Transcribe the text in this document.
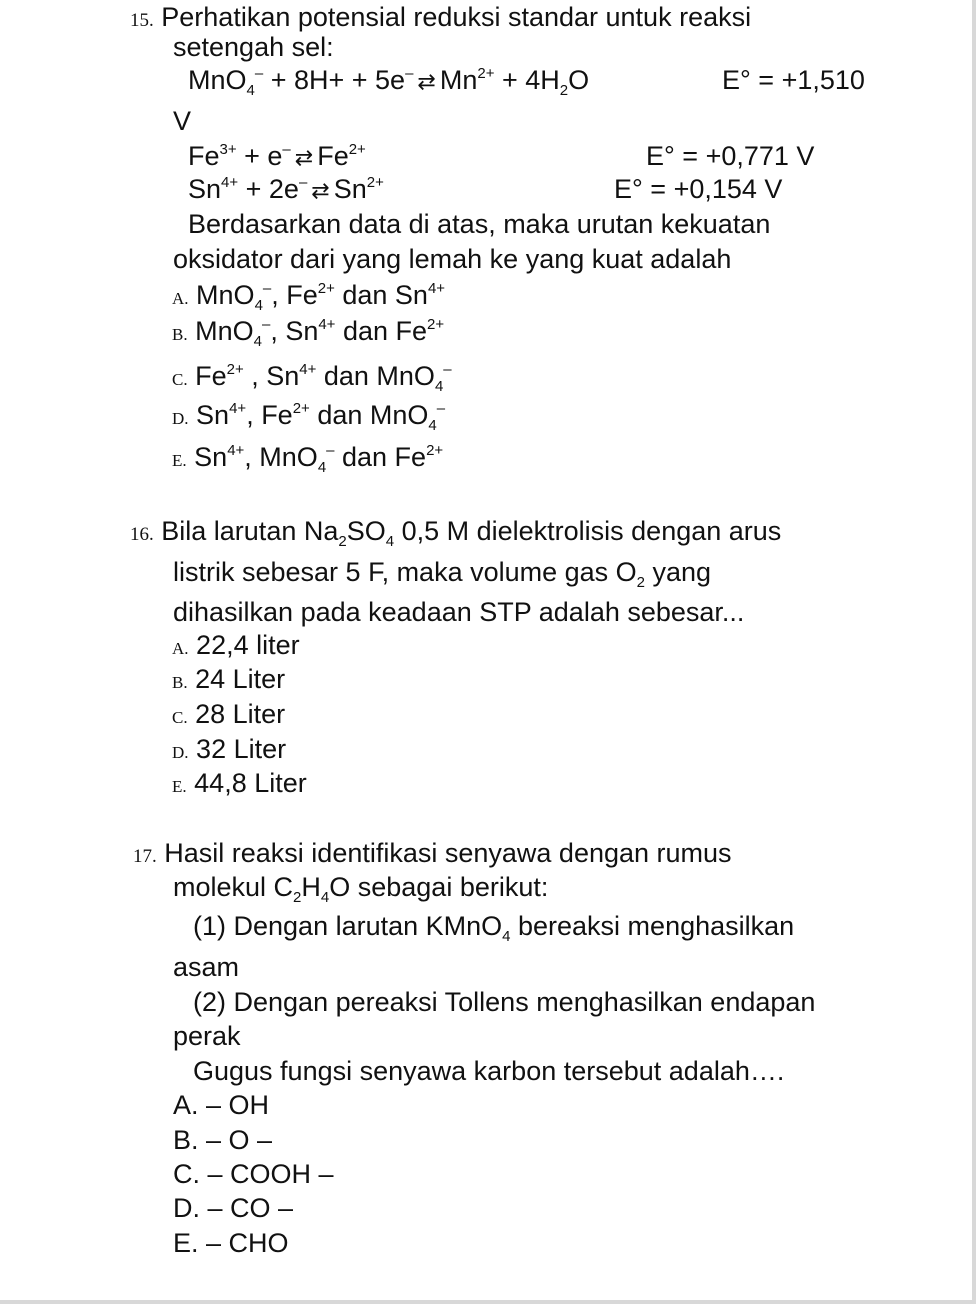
15. Perhatikan potensial reduksi standar untuk reaksi
setengah sel:
MnO$_4$– + 8H+ + 5e– ⇄ $Mn^{2+} + 4H_2O$	E° = +1,510
V
$Fe^{3+} + e^-$ ⇄ $Fe^{2+}$	E° = +0,771 V
$Sn^{4+} + 2e^-$ ⇄ $Sn^{2+}$	E° = +0,154 V
Berdasarkan data di atas, maka urutan kekuatan
oksidator dari yang lemah ke yang kuat adalah
A. MnO$_4$–, $Fe^{2+}$ dan $Sn^{4+}$
B. MnO$_4$–, $Sn^{4+}$ dan $Fe^{2+}$
C. $Fe^{2+}$ , $Sn^{4+}$ dan MnO$_4$–
D. $Sn^{4+}$, $Fe^{2+}$ dan MnO$_4$–
E. $Sn^{4+}$, MnO$_4$– dan $Fe^{2+}$
16. Bila larutan $Na_2SO_4$ 0,5 M dielektrolisis dengan arus
listrik sebesar 5 F, maka volume gas $O_2$ yang
dihasilkan pada keadaan STP adalah sebesar...
A. 22,4 liter
B. 24 Liter
C. 28 Liter
D. 32 Liter
E. 44,8 Liter
17. Hasil reaksi identifikasi senyawa dengan rumus
molekul $C_2H_4O$ sebagai berikut:
(1) Dengan larutan KMnO$_4$ bereaksi menghasilkan
asam
(2) Dengan pereaksi Tollens menghasilkan endapan
perak
Gugus fungsi senyawa karbon tersebut adalah….
A. – OH
B. – O –
C. – COOH –
D. – CO –
E. – CHO
